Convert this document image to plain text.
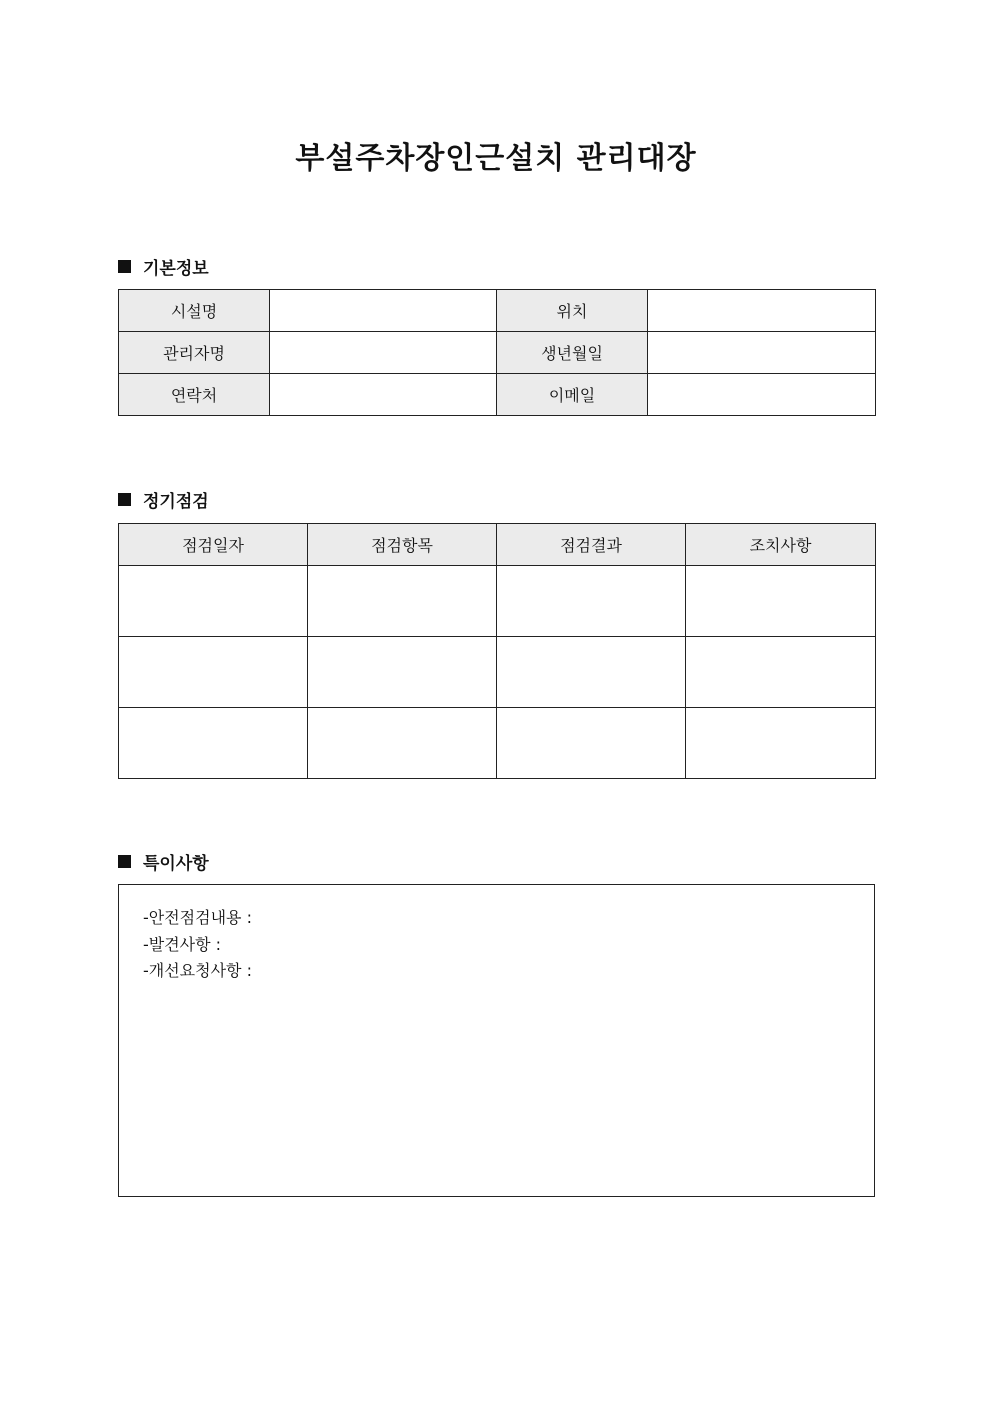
부설주차장인근설치 관리대장
기본정보
시설명		위치	
관리자명		생년월일	
연락처		이메일	
정기점검
점검일자	점검항목	점검결과	조치사항

특이사항
-안전점검내용 :
-발견사항 :
-개선요청사항 :
